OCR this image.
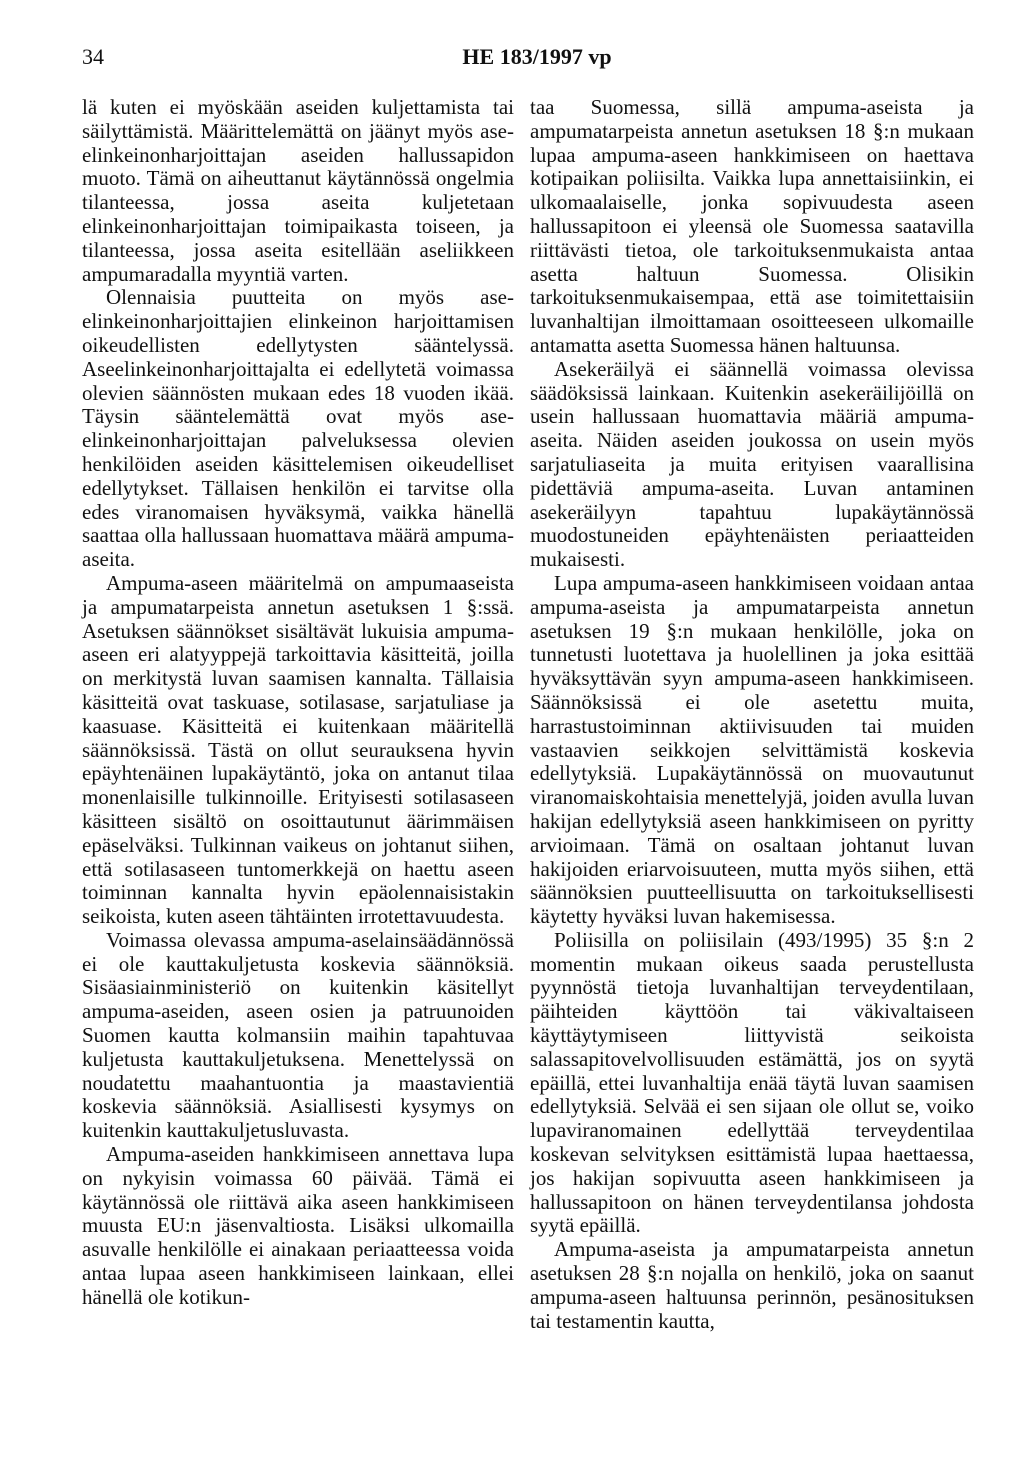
34	HE 183/1997 vp

lä kuten ei myöskään aseiden kuljettamista tai säilyttämistä. Määrittelemättä on jäänyt myös ase-elinkeinonharjoittajan aseiden hallussapidon muoto. Tämä on aiheuttanut käytännössä ongelmia tilanteessa, jossa aseita kuljetetaan elinkeinonharjoittajan toimipaikasta toiseen, ja tilanteessa, jossa aseita esitellään aseliikkeen ampumaradalla myyntiä varten.

Olennaisia puutteita on myös ase-elinkeinonharjoittajien elinkeinon harjoittamisen oikeudellisten edellytysten sääntelyssä. Aseelinkeinonharjoittajalta ei edellytetä voimassa olevien säännösten mukaan edes 18 vuoden ikää. Täysin sääntelemättä ovat myös ase-elinkeinonharjoittajan palveluksessa olevien henkilöiden aseiden käsittelemisen oikeudelliset edellytykset. Tällaisen henkilön ei tarvitse olla edes viranomaisen hyväksymä, vaikka hänellä saattaa olla hallussaan huomattava määrä ampuma-aseita.

Ampuma-aseen määritelmä on ampumaaseista ja ampumatarpeista annetun asetuksen 1 §:ssä. Asetuksen säännökset sisältävät lukuisia ampuma-aseen eri alatyyppejä tarkoittavia käsitteitä, joilla on merkitystä luvan saamisen kannalta. Tällaisia käsitteitä ovat taskuase, sotilasase, sarjatuliase ja kaasuase. Käsitteitä ei kuitenkaan määritellä säännöksissä. Tästä on ollut seurauksena hyvin epäyhtenäinen lupakäytäntö, joka on antanut tilaa monenlaisille tulkinnoille. Erityisesti sotilasaseen käsitteen sisältö on osoittautunut äärimmäisen epäselväksi. Tulkinnan vaikeus on johtanut siihen, että sotilasaseen tuntomerkkejä on haettu aseen toiminnan kannalta hyvin epäolennaisistakin seikoista, kuten aseen tähtäinten irrotettavuudesta.

Voimassa olevassa ampuma-aselainsäädännössä ei ole kauttakuljetusta koskevia säännöksiä. Sisäasiainministeriö on kuitenkin käsitellyt ampuma-aseiden, aseen osien ja patruunoiden Suomen kautta kolmansiin maihin tapahtuvaa kuljetusta kauttakuljetuksena. Menettelyssä on noudatettu maahantuontia ja maastavientiä koskevia säännöksiä. Asiallisesti kysymys on kuitenkin kauttakuljetusluvasta.

Ampuma-aseiden hankkimiseen annettava lupa on nykyisin voimassa 60 päivää. Tämä ei käytännössä ole riittävä aika aseen hankkimiseen muusta EU:n jäsenvaltiosta. Lisäksi ulkomailla asuvalle henkilölle ei ainakaan periaatteessa voida antaa lupaa aseen hankkimiseen lainkaan, ellei hänellä ole kotikun-

taa Suomessa, sillä ampuma-aseista ja ampumatarpeista annetun asetuksen 18 §:n mukaan lupaa ampuma-aseen hankkimiseen on haettava kotipaikan poliisilta. Vaikka lupa annettaisiinkin, ei ulkomaalaiselle, jonka sopivuudesta aseen hallussapitoon ei yleensä ole Suomessa saatavilla riittävästi tietoa, ole tarkoituksenmukaista antaa asetta haltuun Suomessa. Olisikin tarkoituksenmukaisempaa, että ase toimitettaisiin luvanhaltijan ilmoittamaan osoitteeseen ulkomaille antamatta asetta Suomessa hänen haltuunsa.

Asekeräilyä ei säännellä voimassa olevissa säädöksissä lainkaan. Kuitenkin asekeräilijöillä on usein hallussaan huomattavia määriä ampuma-aseita. Näiden aseiden joukossa on usein myös sarjatuliaseita ja muita erityisen vaarallisina pidettäviä ampuma-aseita. Luvan antaminen asekeräilyyn tapahtuu lupakäytännössä muodostuneiden epäyhtenäisten periaatteiden mukaisesti.

Lupa ampuma-aseen hankkimiseen voidaan antaa ampuma-aseista ja ampumatarpeista annetun asetuksen 19 §:n mukaan henkilölle, joka on tunnetusti luotettava ja huolellinen ja joka esittää hyväksyttävän syyn ampuma-aseen hankkimiseen. Säännöksissä ei ole asetettu muita, harrastustoiminnan aktiivisuuden tai muiden vastaavien seikkojen selvittämistä koskevia edellytyksiä. Lupakäytännössä on muovautunut viranomaiskohtaisia menettelyjä, joiden avulla luvan hakijan edellytyksiä aseen hankkimiseen on pyritty arvioimaan. Tämä on osaltaan johtanut luvan hakijoiden eriarvoisuuteen, mutta myös siihen, että säännöksien puutteellisuutta on tarkoituksellisesti käytetty hyväksi luvan hakemisessa.

Poliisilla on poliisilain (493/1995) 35 §:n 2 momentin mukaan oikeus saada perustellusta pyynnöstä tietoja luvanhaltijan terveydentilaan, päihteiden käyttöön tai väkivaltaiseen käyttäytymiseen liittyvistä seikoista salassapitovelvollisuuden estämättä, jos on syytä epäillä, ettei luvanhaltija enää täytä luvan saamisen edellytyksiä. Selvää ei sen sijaan ole ollut se, voiko lupaviranomainen edellyttää terveydentilaa koskevan selvityksen esittämistä lupaa haettaessa, jos hakijan sopivuutta aseen hankkimiseen ja hallussapitoon on hänen terveydentilansa johdosta syytä epäillä.

Ampuma-aseista ja ampumatarpeista annetun asetuksen 28 §:n nojalla on henkilö, joka on saanut ampuma-aseen haltuunsa perinnön, pesänosituksen tai testamentin kautta,
